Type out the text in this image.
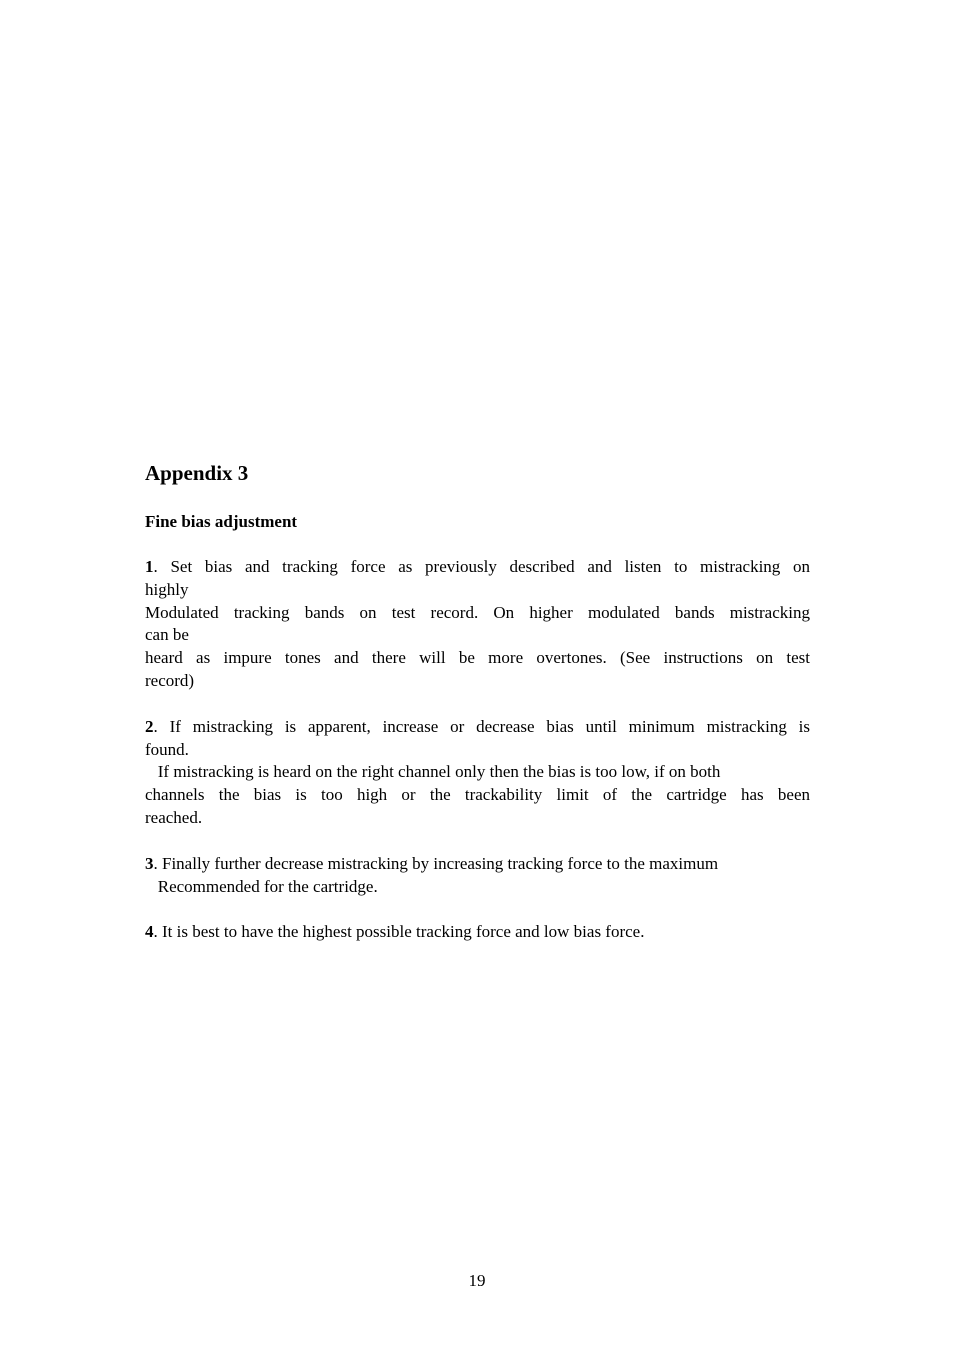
Appendix 3
Fine bias adjustment

1. Set bias and tracking force as previously described and listen to mistracking on

highly

Modulated tracking bands on test record. On higher modulated bands mistracking

can be

heard as impure tones and there will be more overtones. (See instructions on test

record)

2. If mistracking is apparent, increase or decrease bias until minimum mistracking is

found.

If mistracking is heard on the right channel only then the bias is too low, if on both

channels the bias is too high or the trackability limit of the cartridge has been

reached.

3. Finally further decrease mistracking by increasing tracking force to the maximum

Recommended for the cartridge.

4. It is best to have the highest possible tracking force and low bias force.

19
